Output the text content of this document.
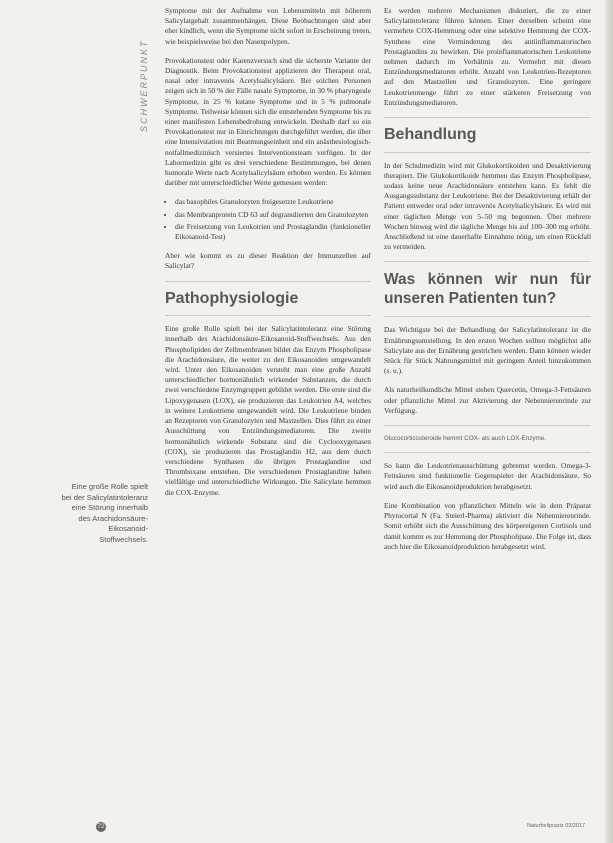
SCHWERPUNKT
Eine große Rolle spielt bei der Salicylatintoleranz eine Störung innerhalb des Arachidonsäure-Eikosanoid-Stoffwechsels.

Symptome mit der Aufnahme von Lebensmitteln mit höherem Salicylatgehalt zusammenhängen. Diese Beobachtungen sind aber eher kindlich, wenn die Symptome nicht sofort in Erscheinung treten, wie beispielsweise bei den Nasenpolypen.

Provokationstest oder Karenzversuch sind die sicherste Variante der Diagnostik. Beim Provokationstest applizieren der Therapeut oral, nasal oder intravenös Acetylsalicylsäure. Bei solchen Personen zeigen sich in 50 % der Fälle nasale Symptome, in 30 % pharyngeale Symptome, in 25 % kutane Symptome und in 5 % pulmonale Symptome. Teilweise können sich die entstehenden Symptome bis zu einer manifesten Lebensbedrohung entwickeln. Deshalb darf so ein Provokationstest nur in Einrichtungen durchgeführt werden, die über eine Intensivstation mit Beatmungseinheit und ein anästhesiologisch-notfallmedizinisch versiertes Interventionsteam verfügen. In der Labormedizin gibt es drei verschiedene Bestimmungen, bei denen humorale Werte nach Acetylsalicylsäure erhoben werden. Es können darüber mit unterschiedlicher Werte gemessen werden:

• das basophiles Granulozyten freigesetzte Leukotriene
• das Membranprotein CD 63 auf degranulierten den Granulozyten
• die Freisetzung von Leukotrien und Prostaglandin (funktioneller Eikosanoid-Test)

Aber wie kommt es zu dieser Reaktion der Immunzellen auf Salicylat?

Pathophysiologie

Eine große Rolle spielt bei der Salicylatintoleranz eine Störung innerhalb des Arachidonsäure-Eikosanoid-Stoffwechsels. Aus den Phospholipiden der Zellmembranen bildet das Enzym Phospholipase die Arachidonsäure, die weiter zu den Eikosanoiden umgewandelt wird. Unter den Eikosanoiden versteht man eine große Anzahl unterschiedlicher hormonähnlich wirkender Substanzen, die durch zwei verschiedene Enzymgruppen gebildet werden. Die erste sind die Lipoxygenasen (LOX), sie produzieren das Leukotrien A4, welches in weitere Leukotriene umgewandelt wird. Die Leukotriene binden an Rezeptoren von Granulozyten und Mastzellen. Dies führt zu einer Ausschüttung von Entzündungsmediatoren. Die zweite hormonähnlich wirkende Substanz sind die Cyclooxygenasen (COX), sie produzieren das Prostaglandin H2, aus dem durch verschiedene Synthasen die übrigen Prostaglandine und Thromboxane entstehen. Die verschiedenen Prostaglandine haben vielfältige und unterschiedliche Wirkungen. Die Salicylate hemmen die COX-Enzyme.

Es werden mehrere Mechanismen diskutiert, die zu einer Salicylatintoleranz führen können. Einer derselben scheint eine vermehrte COX-Hemmung oder eine selektive Hemmung der COX-Synthese eine Verminderung des antiinflammatorischen Prostaglandins zu bewirken. Die proinflammatorischen Leukotriene nehmen dadurch im Verhältnis zu. Vermehrt mit diesen Entzündungsmediatoren erhöht. Anzahl von Leukotrien-Rezeptoren auf den Mastzellen und Granulozyten. Eine geringere Leukotrienmenge führt zu einer stärkeren Freisetzung von Entzündungsmediatoren.

Behandlung

In der Schulmedizin wird mit Glukokortikoiden und Desaktivierung therapiert. Die Glukokortikoide hemmen das Enzym Phospholipase, sodass keine neue Arachidonsäure entstehen kann. Es fehlt die Ausgangssubstanz der Leukotriene. Bei der Desaktivierung erhält der Patient entweder oral oder intravenös Acetylsalicylsäure. Es wird mit einer täglichen Menge von 5–50 mg begonnen. Über mehrere Wochen hinweg wird die tägliche Menge bis auf 100–300 mg erhöht. Anschließend ist eine dauerhafte Einnahme nötig, um einen Rückfall zu vermeiden.

Was können wir nun für unseren Patienten tun?

Das Wichtigste bei der Behandlung der Salicylatintoleranz ist die Ernährungsumstellung. In den ersten Wochen sollten möglichst alle Salicylate aus der Ernährung gestrichen werden. Dann können wieder Stück für Stück Nahrungsmittel mit geringem Anteil hinzukommen (s. u.).

Als naturheilkundliche Mittel stehen Quercetin, Omega-3-Fettsäuren oder pflanzliche Mittel zur Aktivierung der Nebennierenrinde zur Verfügung.

Glucocorticosteroide hemmt COX- als auch LOX-Enzyme.

So kann die Leukotrienausschüttung gebremst werden. Omega-3-Fettsäuren sind funktionelle Gegenspieler der Arachidonsäure. So wird auch die Eikosanoidproduktion herabgesetzt.

Eine Kombination von pflanzlichen Mitteln wie in dem Präparat Phytocortal N (Fa. Steierl-Pharma) aktiviert die Nebennierenrinde. Somit erhöht sich die Ausschüttung des körpereigenen Cortisols und damit kommt es zur Hemmung der Phospholipase. Die Folge ist, dass auch hier die Eikosanoidproduktion herabgesetzt wird.

72	Naturheilpraxis 03/2017
